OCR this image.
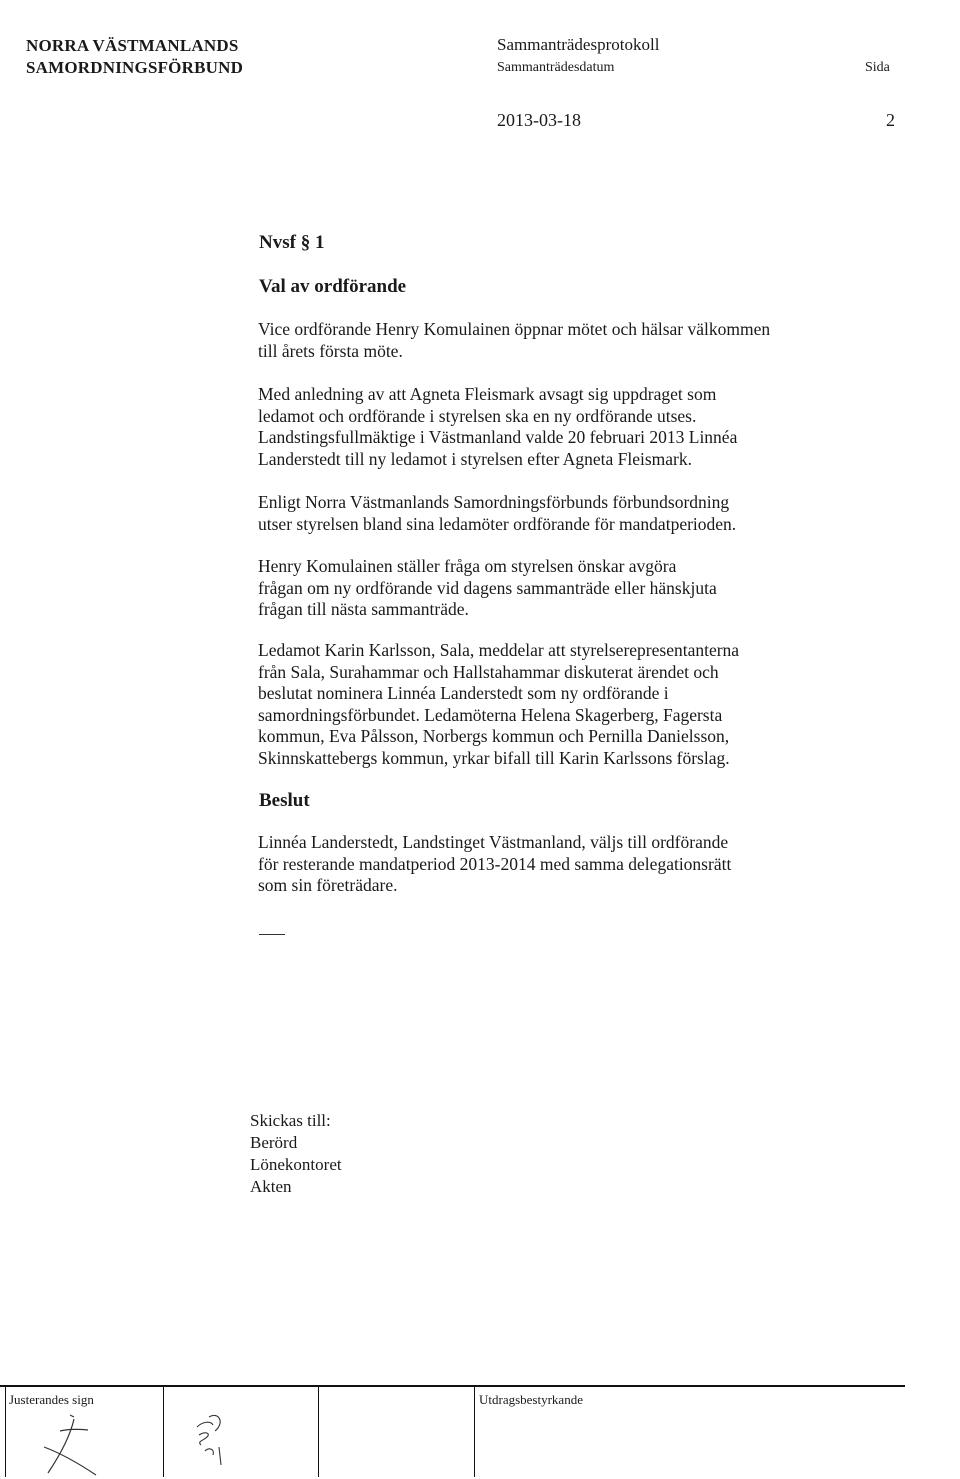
NORRA VÄSTMANLANDS
SAMORDNINGSFÖRBUND
Sammanträdesprotokoll
Sammanträdesdatum	Sida
2013-03-18	2
Nvsf § 1
Val av ordförande

Vice ordförande Henry Komulainen öppnar mötet och hälsar välkommen

till årets första möte.

Med anledning av att Agneta Fleismark avsagt sig uppdraget som

ledamot och ordförande i styrelsen ska en ny ordförande utses.

Landstingsfullmäktige i Västmanland valde 20 februari 2013 Linnéa

Landerstedt till ny ledamot i styrelsen efter Agneta Fleismark.

Enligt Norra Västmanlands Samordningsförbunds förbundsordning

utser styrelsen bland sina ledamöter ordförande för mandatperioden.

Henry Komulainen ställer fråga om styrelsen önskar avgöra

frågan om ny ordförande vid dagens sammanträde eller hänskjuta

frågan till nästa sammanträde.

Ledamot Karin Karlsson, Sala, meddelar att styrelserepresentanterna

från Sala, Surahammar och Hallstahammar diskuterat ärendet och

beslutat nominera Linnéa Landerstedt som ny ordförande i

samordningsförbundet. Ledamöterna Helena Skagerberg, Fagersta

kommun, Eva Pålsson, Norbergs kommun och Pernilla Danielsson,

Skinnskattebergs kommun, yrkar bifall till Karin Karlssons förslag.

Beslut

Linnéa Landerstedt, Landstinget Västmanland, väljs till ordförande

för resterande mandatperiod 2013-2014 med samma delegationsrätt

som sin företrädare.

Skickas till:
Berörd
Lönekontoret
Akten
Justerandes sign	Utdragsbestyrkande
